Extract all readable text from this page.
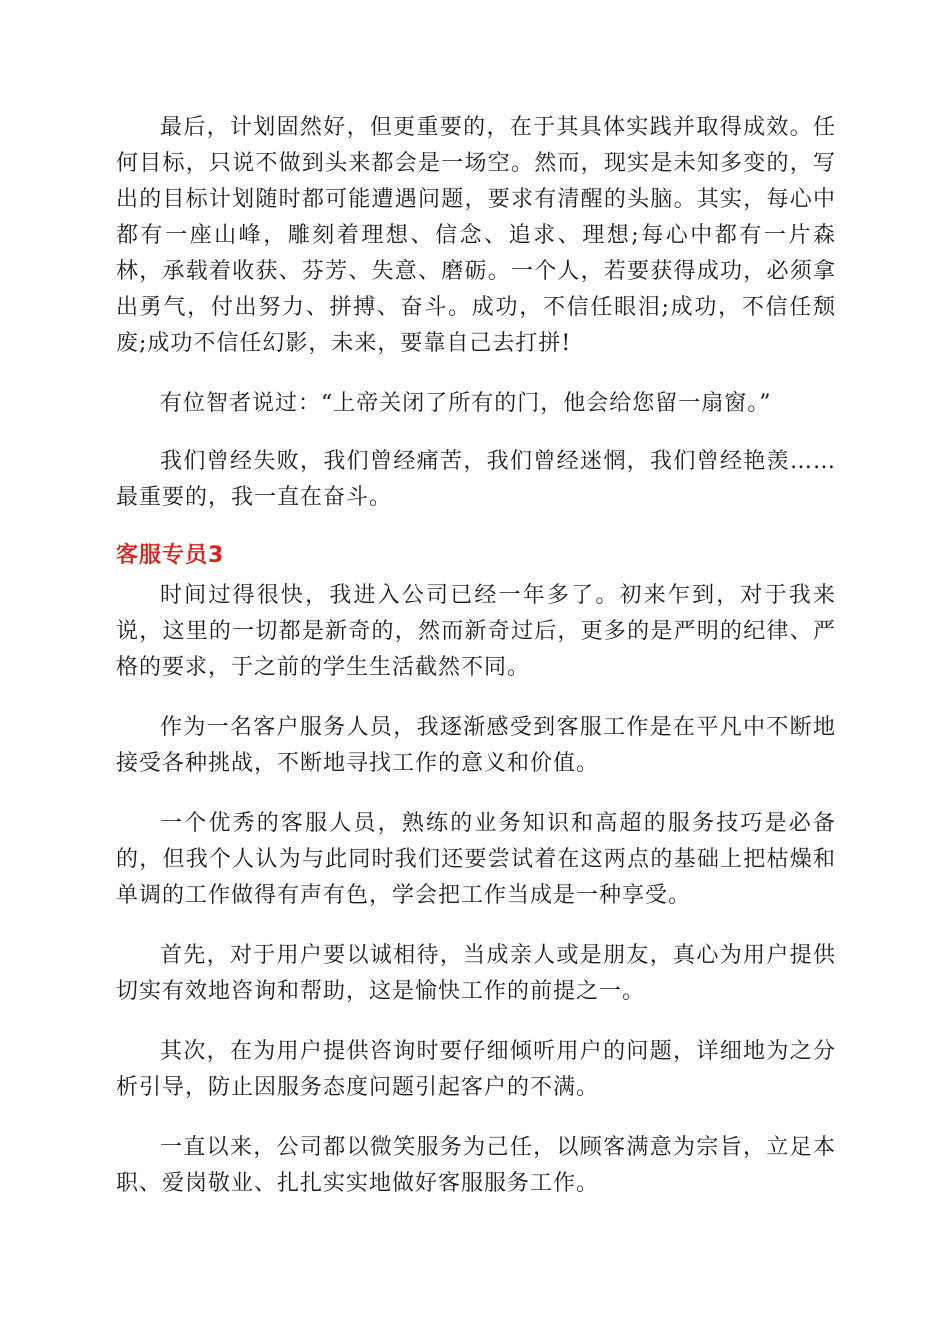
最后，计划固然好，但更重要的，在于其具体实践并取得成效。任何目标，只说不做到头来都会是一场空。然而，现实是未知多变的，写出的目标计划随时都可能遭遇问题，要求有清醒的头脑。其实，每心中都有一座山峰，雕刻着理想、信念、追求、理想;每心中都有一片森林，承载着收获、芬芳、失意、磨砺。一个人，若要获得成功，必须拿出勇气，付出努力、拼搏、奋斗。成功，不信任眼泪;成功，不信任颓废;成功不信任幻影，未来，要靠自己去打拼!

有位智者说过：“上帝关闭了所有的门，他会给您留一扇窗。”

我们曾经失败，我们曾经痛苦，我们曾经迷惘，我们曾经艳羡……最重要的，我一直在奋斗。

客服专员3

时间过得很快，我进入公司已经一年多了。初来乍到，对于我来说，这里的一切都是新奇的，然而新奇过后，更多的是严明的纪律、严格的要求，于之前的学生生活截然不同。

作为一名客户服务人员，我逐渐感受到客服工作是在平凡中不断地接受各种挑战，不断地寻找工作的意义和价值。

一个优秀的客服人员，熟练的业务知识和高超的服务技巧是必备的，但我个人认为与此同时我们还要尝试着在这两点的基础上把枯燥和单调的工作做得有声有色，学会把工作当成是一种享受。

首先，对于用户要以诚相待，当成亲人或是朋友，真心为用户提供切实有效地咨询和帮助，这是愉快工作的前提之一。

其次，在为用户提供咨询时要仔细倾听用户的问题，详细地为之分析引导，防止因服务态度问题引起客户的不满。

一直以来，公司都以微笑服务为己任，以顾客满意为宗旨，立足本职、爱岗敬业、扎扎实实地做好客服服务工作。
